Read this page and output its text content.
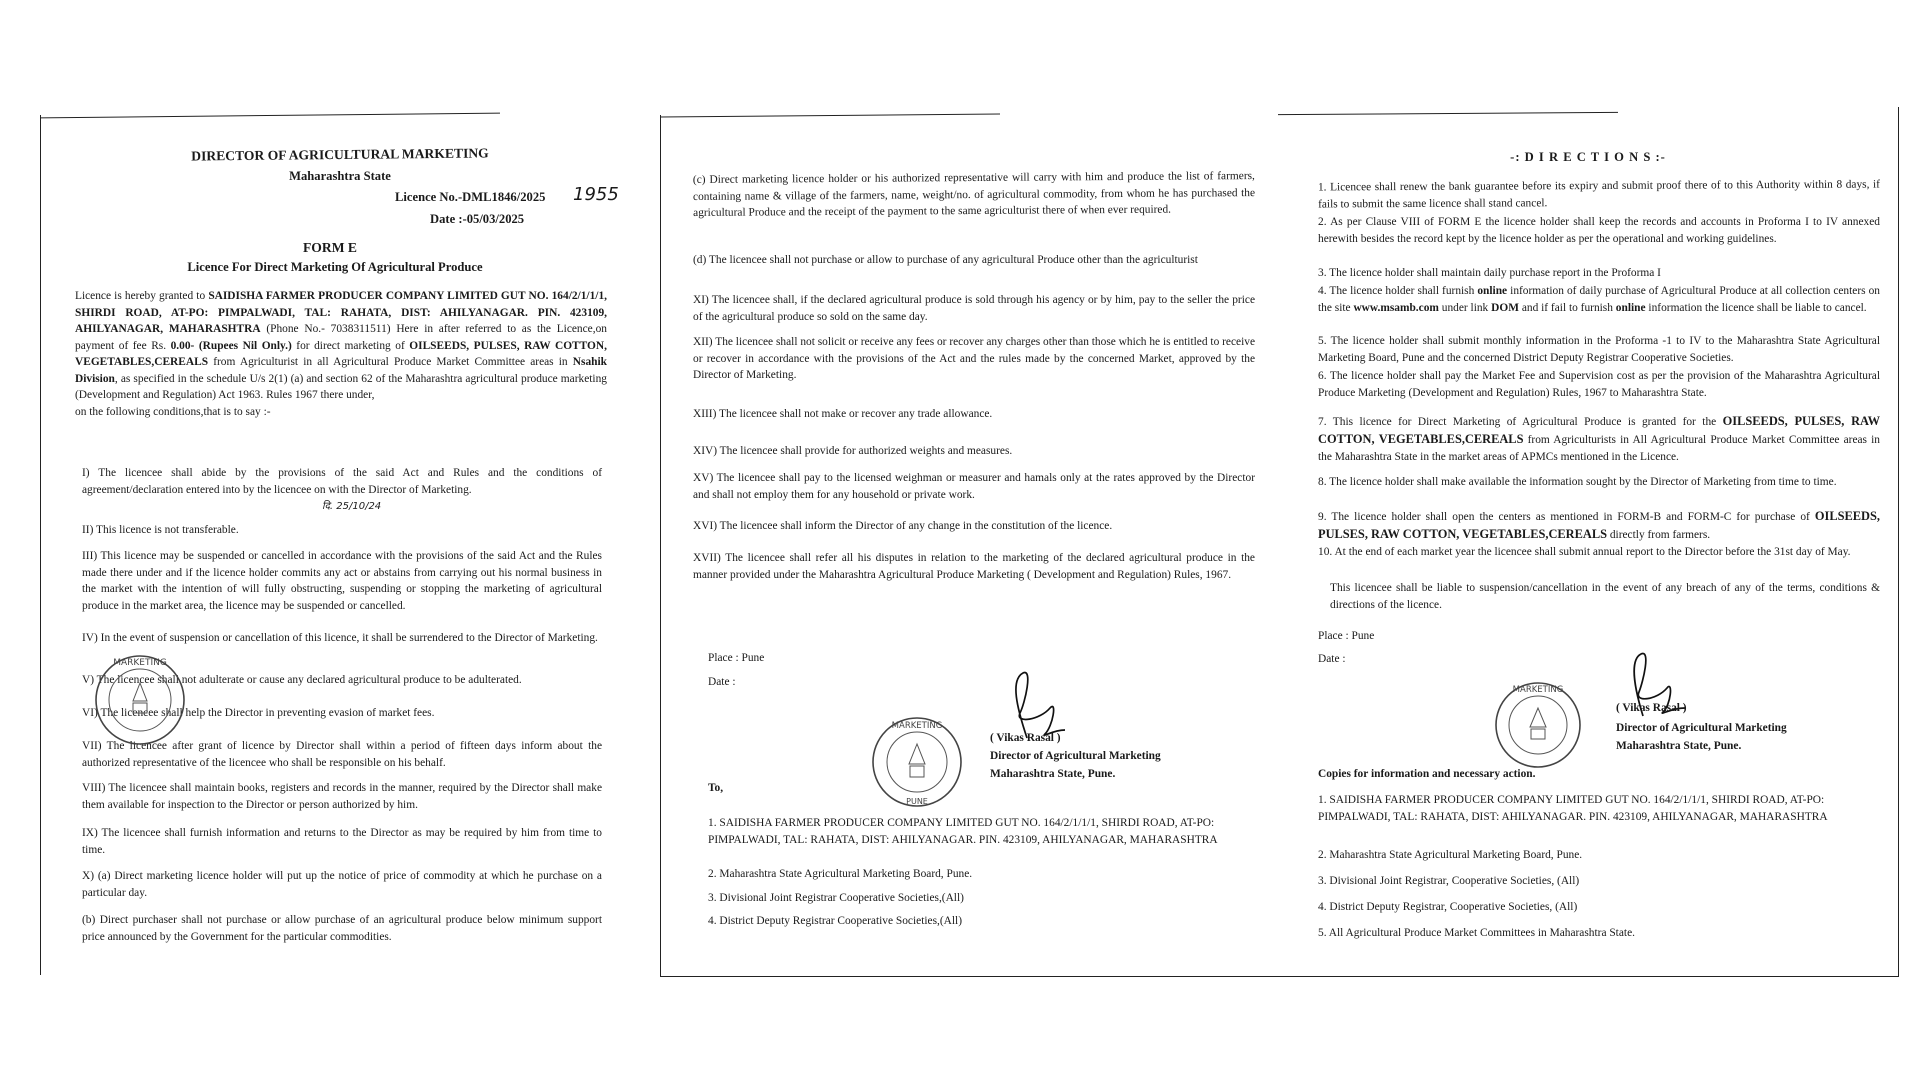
DIRECTOR OF AGRICULTURAL MARKETING
Maharashtra State
Licence No.-DML1846/2025 1955
Date :-05/03/2025
FORM E
Licence For Direct Marketing Of Agricultural Produce
Licence is hereby granted to SAIDISHA FARMER PRODUCER COMPANY LIMITED GUT NO. 164/2/1/1/1, SHIRDI ROAD, AT-PO: PIMPALWADI, TAL: RAHATA, DIST: AHILYANAGAR. PIN. 423109, AHILYANAGAR, MAHARASHTRA (Phone No.- 7038311511) Here in after referred to as the Licence,on payment of fee Rs. 0.00- (Rupees Nil Only.) for direct marketing of OILSEEDS, PULSES, RAW COTTON, VEGETABLES,CEREALS from Agriculturist in all Agricultural Produce Market Committee areas in Nsahik Division, as specified in the schedule U/s 2(1) (a) and section 62 of the Maharashtra agricultural produce marketing (Development and Regulation) Act 1963. Rules 1967 there under,
on the following conditions,that is to say :-
I) The licencee shall abide by the provisions of the said Act and Rules and the conditions of agreement/declaration entered into by the licencee on with the Director of Marketing.
दि. 25/10/24
II) This licence is not transferable.
III) This licence may be suspended or cancelled in accordance with the provisions of the said Act and the Rules made there under and if the licence holder commits any act or abstains from carrying out his normal business in the market with the intention of will fully obstructing, suspending or stopping the marketing of agricultural produce in the market area, the licence may be suspended or cancelled.
IV) In the event of suspension or cancellation of this licence, it shall be surrendered to the Director of Marketing.
V) The licencee shall not adulterate or cause any declared agricultural produce to be adulterated.
VI) The licencee shall help the Director in preventing evasion of market fees.
VII) The licencee after grant of licence by Director shall within a period of fifteen days inform about the authorized representative of the licencee who shall be responsible on his behalf.
VIII) The licencee shall maintain books, registers and records in the manner, required by the Director shall make them available for inspection to the Director or person authorized by him.
IX) The licencee shall furnish information and returns to the Director as may be required by him from time to time.
X) (a) Direct marketing licence holder will put up the notice of price of commodity at which he purchase on a particular day.
(b) Direct purchaser shall not purchase or allow purchase of an agricultural produce below minimum support price announced by the Government for the particular commodities.
MARKETING
(c) Direct marketing licence holder or his authorized representative will carry with him and produce the list of farmers, containing name & village of the farmers, name, weight/no. of agricultural commodity, from whom he has purchased the agricultural Produce and the receipt of the payment to the same agriculturist there of when ever required.
(d) The licencee shall not purchase or allow to purchase of any agricultural Produce other than the agriculturist
XI) The licencee shall, if the declared agricultural produce is sold through his agency or by him, pay to the seller the price of the agricultural produce so sold on the same day.
XII) The licencee shall not solicit or receive any fees or recover any charges other than those which he is entitled to receive or recover in accordance with the provisions of the Act and the rules made by the concerned Market, approved by the Director of Marketing.
XIII) The licencee shall not make or recover any trade allowance.
XIV) The licencee shall provide for authorized weights and measures.
XV) The licencee shall pay to the licensed weighman or measurer and hamals only at the rates approved by the Director and shall not employ them for any household or private work.
XVI) The licencee shall inform the Director of any change in the constitution of the licence.
XVII) The licencee shall refer all his disputes in relation to the marketing of the declared agricultural produce in the manner provided under the Maharashtra Agricultural Produce Marketing ( Development and Regulation) Rules, 1967.
Place : Pune
Date :
MARKETING
PUNE
( Vikas Rasal )
Director of Agricultural Marketing
Maharashtra State, Pune.
To,
1. SAIDISHA FARMER PRODUCER COMPANY LIMITED GUT NO. 164/2/1/1/1, SHIRDI ROAD, AT-PO: PIMPALWADI, TAL: RAHATA, DIST: AHILYANAGAR. PIN. 423109, AHILYANAGAR, MAHARASHTRA
2. Maharashtra State Agricultural Marketing Board, Pune.
3. Divisional Joint Registrar Cooperative Societies,(All)
4. District Deputy Registrar Cooperative Societies,(All)
-: D I R E C T I O N S :-
1. Licencee shall renew the bank guarantee before its expiry and submit proof there of to this Authority within 8 days, if fails to submit the same licence shall stand cancel.
2. As per Clause VIII of FORM E the licence holder shall keep the records and accounts in Proforma I to IV annexed herewith besides the record kept by the licence holder as per the operational and working guidelines.
3. The licence holder shall maintain daily purchase report in the Proforma I
4. The licence holder shall furnish online information of daily purchase of Agricultural Produce at all collection centers on the site www.msamb.com under link DOM and if fail to furnish online information the licence shall be liable to cancel.
5. The licence holder shall submit monthly information in the Proforma -1 to IV to the Maharashtra State Agricultural Marketing Board, Pune and the concerned District Deputy Registrar Cooperative Societies.
6. The licence holder shall pay the Market Fee and Supervision cost as per the provision of the Maharashtra Agricultural Produce Marketing (Development and Regulation) Rules, 1967 to Maharashtra State.
7. This licence for Direct Marketing of Agricultural Produce is granted for the OILSEEDS, PULSES, RAW COTTON, VEGETABLES,CEREALS from Agriculturists in All Agricultural Produce Market Committee areas in the Maharashtra State in the market areas of APMCs mentioned in the Licence.
8. The licence holder shall make available the information sought by the Director of Marketing from time to time.
9. The licence holder shall open the centers as mentioned in FORM-B and FORM-C for purchase of OILSEEDS, PULSES, RAW COTTON, VEGETABLES,CEREALS directly from farmers.
10. At the end of each market year the licencee shall submit annual report to the Director before the 31st day of May.
This licencee shall be liable to suspension/cancellation in the event of any breach of any of the terms, conditions & directions of the licence.
Place : Pune
Date :
MARKETING
( Vikas Rasal )
Director of Agricultural Marketing
Maharashtra State, Pune.
Copies for information and necessary action.
1. SAIDISHA FARMER PRODUCER COMPANY LIMITED GUT NO. 164/2/1/1/1, SHIRDI ROAD, AT-PO: PIMPALWADI, TAL: RAHATA, DIST: AHILYANAGAR. PIN. 423109, AHILYANAGAR, MAHARASHTRA
2. Maharashtra State Agricultural Marketing Board, Pune.
3. Divisional Joint Registrar, Cooperative Societies, (All)
4. District Deputy Registrar, Cooperative Societies, (All)
5. All Agricultural Produce Market Committees in Maharashtra State.
